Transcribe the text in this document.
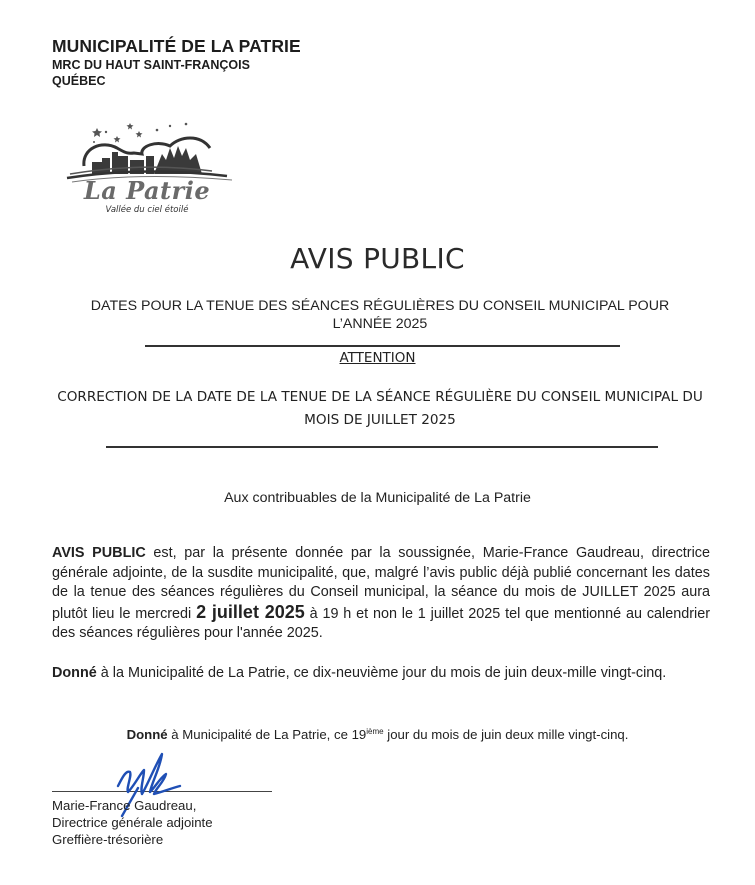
MUNICIPALITÉ DE LA PATRIE
MRC DU HAUT SAINT-FRANÇOIS
QUÉBEC
La Patrie
Vallée du ciel étoilé
AVIS PUBLIC
DATES POUR LA TENUE DES SÉANCES RÉGULIÈRES DU CONSEIL MUNICIPAL POUR L’ANNÉE 2025
ATTENTION
CORRECTION DE LA DATE DE LA TENUE DE LA SÉANCE RÉGULIÈRE DU CONSEIL MUNICIPAL DU MOIS DE JUILLET 2025
Aux contribuables de la Municipalité de La Patrie
AVIS PUBLIC est, par la présente donnée par la soussignée, Marie-France Gaudreau, directrice générale adjointe, de la susdite municipalité, que, malgré l’avis public déjà publié concernant les dates de la tenue des séances régulières du Conseil municipal, la séance du mois de JUILLET 2025 aura plutôt lieu le mercredi 2 juillet 2025 à 19 h et non le 1 juillet 2025 tel que mentionné au calendrier des séances régulières pour l'année 2025.
Donné à la Municipalité de La Patrie, ce dix-neuvième jour du mois de juin deux-mille vingt-cinq.
Donné à Municipalité de La Patrie, ce 19ième jour du mois de juin deux mille vingt-cinq.
Marie-France Gaudreau,
Directrice générale adjointe
Greffière-trésorière
